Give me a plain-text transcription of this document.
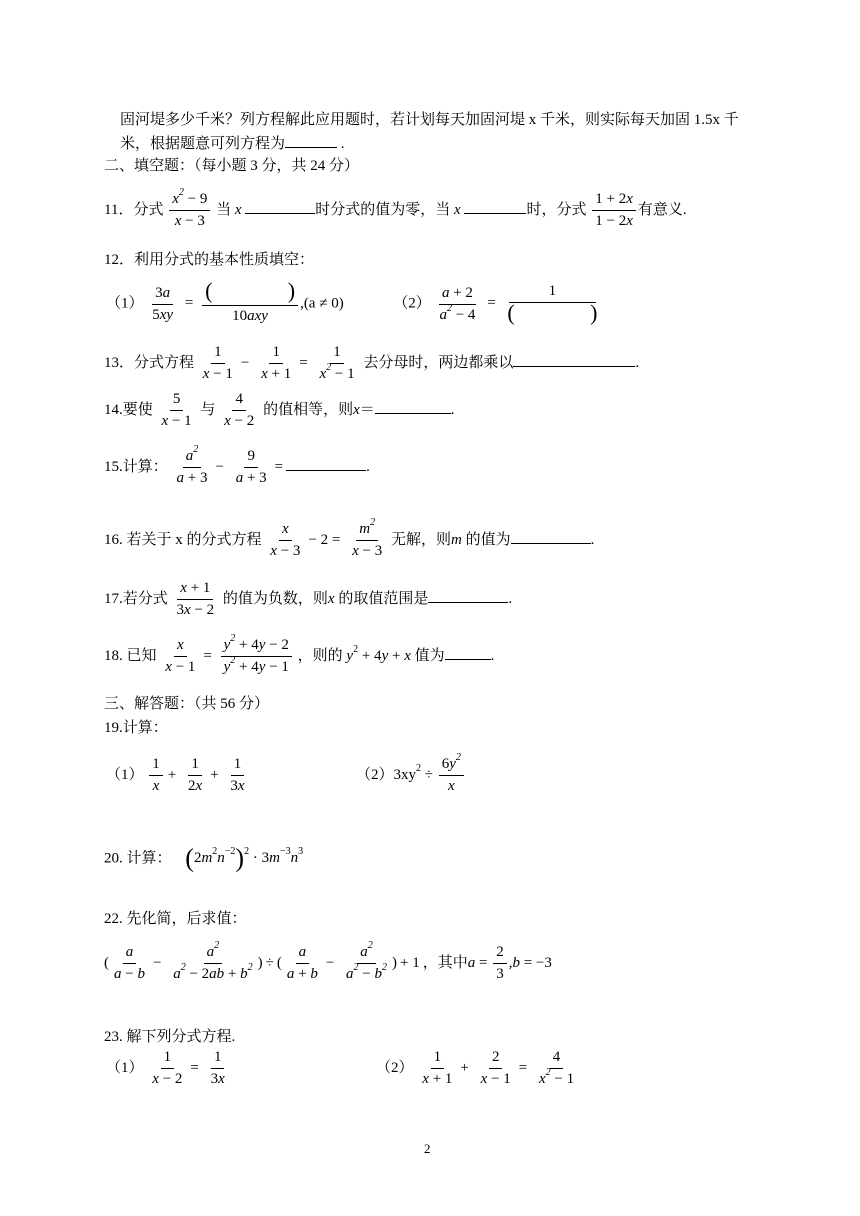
固河堤多少千米？列方程解此应用题时，若计划每天加固河堤 x 千米，则实际每天加固 1.5x 千
米，根据题意可列方程为	.
二、填空题：（每小题 3 分，共 24 分）
11．分式 $\frac{x^2 - 9}{x - 3}$ 当 x	时分式的值为零，当 x	时，分式 $\frac{1 + 2x}{1 - 2x}$ 有意义.
12．利用分式的基本性质填空：
$(1) \frac{3a}{5xy} = \frac{( )}{\text{10axy}} ,(a \ne 0)$	$(2) \frac{a + 2}{a^2 - 4} = \frac{1}{( )}$
13．分式方程 $\frac{1}{x - 1} - \frac{1}{x + 1} = \frac{1}{x^2 - 1}$ 去分母时，两边都乘以	.
14.要使 $\frac{5}{x - 1}$ 与 $\frac{4}{x - 2}$ 的值相等，则x＝	.
15.计算： $\frac{a^2}{a + 3} - \frac{9}{a + 3}$ =	.
16. 若关于 x 的分式方程 $\frac{x}{x - 3} - 2 = \frac{m^2}{x - 3}$ 无解，则m 的值为	.
17.若分式 $\frac{x + 1}{3x - 2}$ 的值为负数，则x 的取值范围是	.
18. 已知 $\frac{x}{x - 1} = \frac{y^2 + 4y - 2}{y^2 + 4y - 1}$ ，则的 $y^2 + 4y + x$ 值为	.
三、解答题：（共 56 分）
19.计算：
$(1) \frac{1}{x} + \frac{1}{2x} + \frac{1}{3x}$	$(2)3xy^2 \div \frac{6y^2}{x}$
20. 计算： $(2m^2n^{-2})^2 \cdot 3m^{-3}n^3$
22. 先化简，后求值：
( $\frac{a}{a - b} - \frac{a^2}{a^2 - 2ab + b^2}$ ) ÷ ( $\frac{a}{a + b} - \frac{a^2}{a^2 - b^2}$ ) + 1 ，其中$a = \frac{2}{3} ,b = -3$
23. 解下列分式方程.
$(1) \frac{1}{x - 2} = \frac{1}{3x}$	$(2) \frac{1}{x + 1} + \frac{2}{x - 1} = \frac{4}{x^2 - 1}$
2
